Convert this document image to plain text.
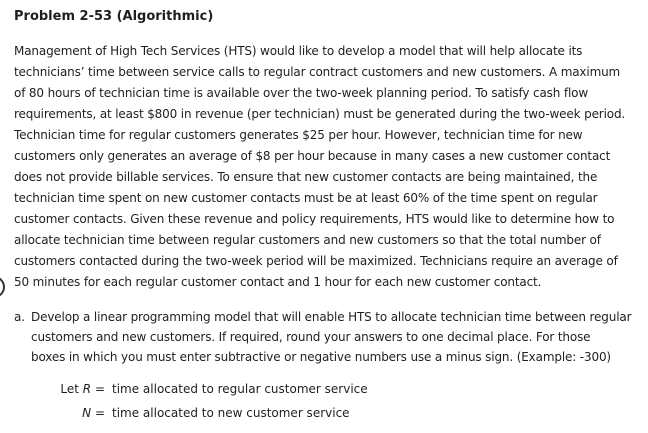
Problem 2-53 (Algorithmic)
Management of High Tech Services (HTS) would like to develop a model that will help allocate its
technicians’ time between service calls to regular contract customers and new customers. A maximum
of 80 hours of technician time is available over the two-week planning period. To satisfy cash flow
requirements, at least $800 in revenue (per technician) must be generated during the two-week period.
Technician time for regular customers generates $25 per hour. However, technician time for new
customers only generates an average of $8 per hour because in many cases a new customer contact
does not provide billable services. To ensure that new customer contacts are being maintained, the
technician time spent on new customer contacts must be at least 60% of the time spent on regular
customer contacts. Given these revenue and policy requirements, HTS would like to determine how to
allocate technician time between regular customers and new customers so that the total number of
customers contacted during the two-week period will be maximized. Technicians require an average of
50 minutes for each regular customer contact and 1 hour for each new customer contact.
a. Develop a linear programming model that will enable HTS to allocate technician time between regular
customers and new customers. If required, round your answers to one decimal place. For those
boxes in which you must enter subtractive or negative numbers use a minus sign. (Example: -300)
Let R = time allocated to regular customer service
N = time allocated to new customer service
